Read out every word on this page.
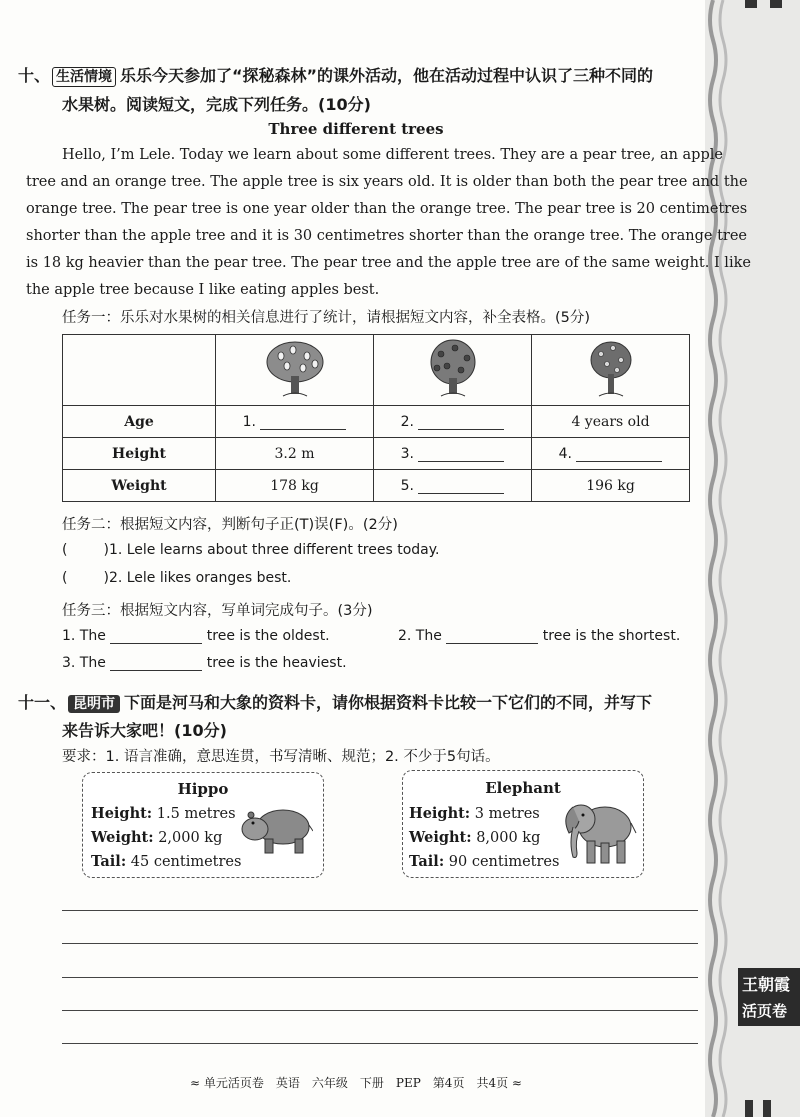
王朝霞
活页卷
十、 生活情境 乐乐今天参加了“探秘森林”的课外活动，他在活动过程中认识了三种不同的
水果树。阅读短文，完成下列任务。(10分)
Three different trees
Hello, I’m Lele. Today we learn about some different trees. They are a pear tree, an apple
tree and an orange tree. The apple tree is six years old. It is older than both the pear tree and the
orange tree. The pear tree is one year older than the orange tree. The pear tree is 20 centimetres
shorter than the apple tree and it is 30 centimetres shorter than the orange tree. The orange tree
is 18 kg heavier than the pear tree. The pear tree and the apple tree are of the same weight. I like
the apple tree because I like eating apples best.
任务一：乐乐对水果树的相关信息进行了统计，请根据短文内容，补全表格。(5分)

Age	1.	2.	4 years old
Height	3.2 m	3.	4.
Weight	178 kg	5.	196 kg
任务二：根据短文内容，判断句子正(T)误(F)。(2分)
(	)1. Lele learns about three different trees today.
(	)2. Lele likes oranges best.
任务三：根据短文内容，写单词完成句子。(3分)
1. The	tree is the oldest.	2. The	tree is the shortest.
3. The	tree is the heaviest.
十一、 昆明市 下面是河马和大象的资料卡，请你根据资料卡比较一下它们的不同，并写下
来告诉大家吧！(10分)
要求：1. 语言准确，意思连贯，书写清晰、规范；2. 不少于5句话。
Hippo
Height: 1.5 metres
Weight: 2,000 kg
Tail: 45 centimetres
Elephant
Height: 3 metres
Weight: 8,000 kg
Tail: 90 centimetres
≈ 单元活页卷　英语　六年级　下册　PEP　第4页　共4页 ≈
